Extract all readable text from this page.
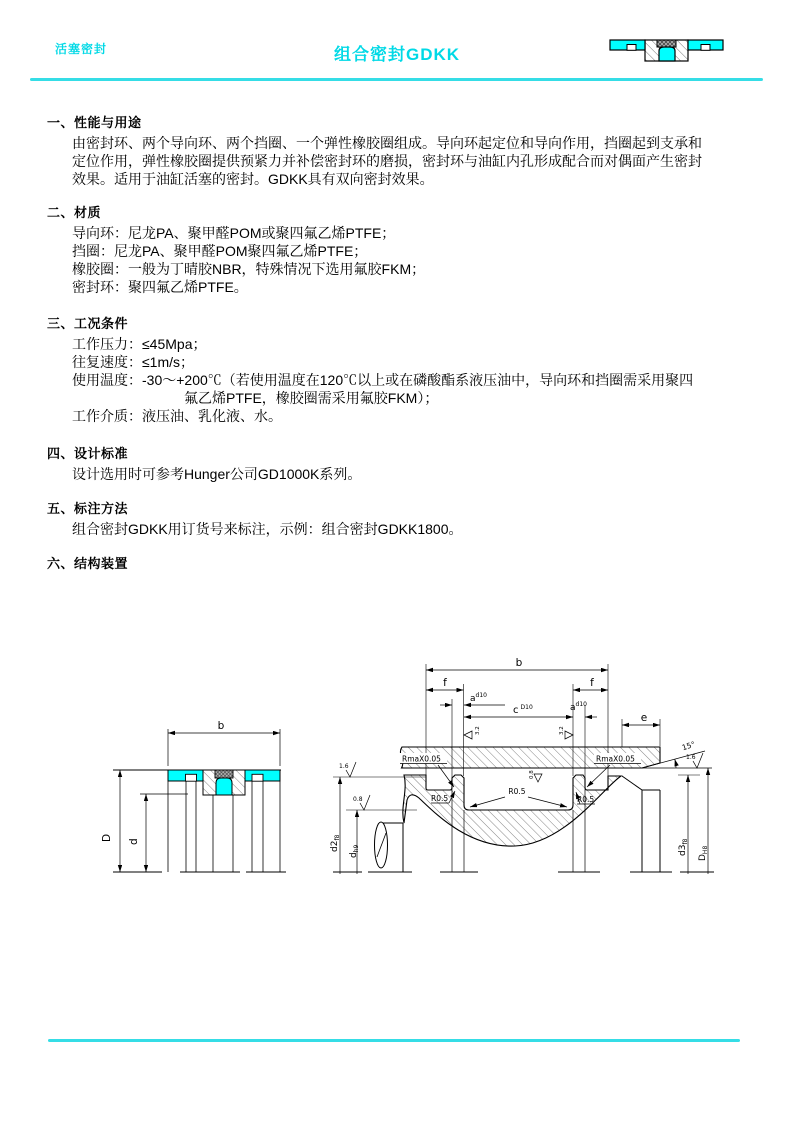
活塞密封	组合密封GDKK
一、性能与用途
由密封环、两个导向环、两个挡圈、一个弹性橡胶圈组成。导向环起定位和导向作用，挡圈起到支承和
定位作用，弹性橡胶圈提供预紧力并补偿密封环的磨损，密封环与油缸内孔形成配合而对偶面产生密封
效果。适用于油缸活塞的密封。GDKK具有双向密封效果。
二、材质
导向环：尼龙PA、聚甲醛POM或聚四氟乙烯PTFE；
挡圈：尼龙PA、聚甲醛POM聚四氟乙烯PTFE；
橡胶圈：一般为丁晴胶NBR，特殊情况下选用氟胶FKM；
密封环：聚四氟乙烯PTFE。
三、工况条件
工作压力：≤45Mpa；
往复速度：≤1m/s；
使用温度：-30～+200℃（若使用温度在120℃以上或在磷酸酯系液压油中，导向环和挡圈需采用聚四
氟乙烯PTFE，橡胶圈需采用氟胶FKM）；
工作介质：液压油、乳化液、水。
四、设计标准
设计选用时可参考Hunger公司GD1000K系列。
五、标注方法
组合密封GDKK用订货号来标注，示例：组合密封GDKK1800。
六、结构装置
b
D d
b
f	f
e
$a^{d10}$
$a^{d10}$
c $^{D10}$
15°
RmaX0.05	RmaX0.05
R0.5
R0.5
R0.5
1.6
0.8
1.6
3.2	3.2
0.8
$d2_{f8}$
$d_{h9}$	$d3_{f8}$
$D_{H8}$
